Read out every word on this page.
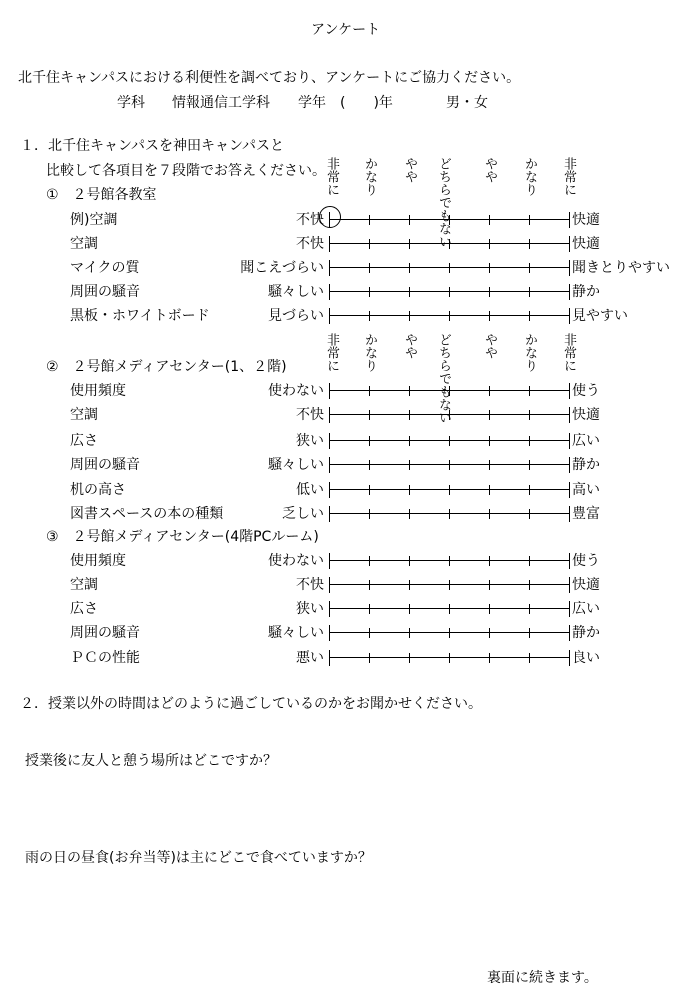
アンケート
北千住キャンパスにおける利便性を調べており、アンケートにご協力ください。
学科 情報通信工学科 学年 (　　)年	男・女
１．北千住キャンパスを神田キャンパスと
比較して各項目を７段階でお答えください。
非常に かなり やや どちらでもない やや かなり 非常に
非常に かなり やや どちらでもない やや かなり 非常に
①　２号館各教室
例)空調	不快	快適
空調	不快	快適
マイクの質	聞こえづらい	聞きとりやすい
周囲の騒音	騒々しい	静か
黒板・ホワイトボード	見づらい	見やすい
②　２号館メディアセンター(1、２階)
使用頻度	使わない	使う
空調	不快	快適
広さ	狭い	広い
周囲の騒音	騒々しい	静か
机の高さ	低い	高い
図書スペースの本の種類	乏しい	豊富
③　２号館メディアセンター(4階PCルーム)
使用頻度	使わない	使う
空調	不快	快適
広さ	狭い	広い
周囲の騒音	騒々しい	静か
ＰＣの性能	悪い	良い
２．授業以外の時間はどのように過ごしているのかをお聞かせください。
授業後に友人と憩う場所はどこですか？
雨の日の昼食(お弁当等)は主にどこで食べていますか？
裏面に続きます。
